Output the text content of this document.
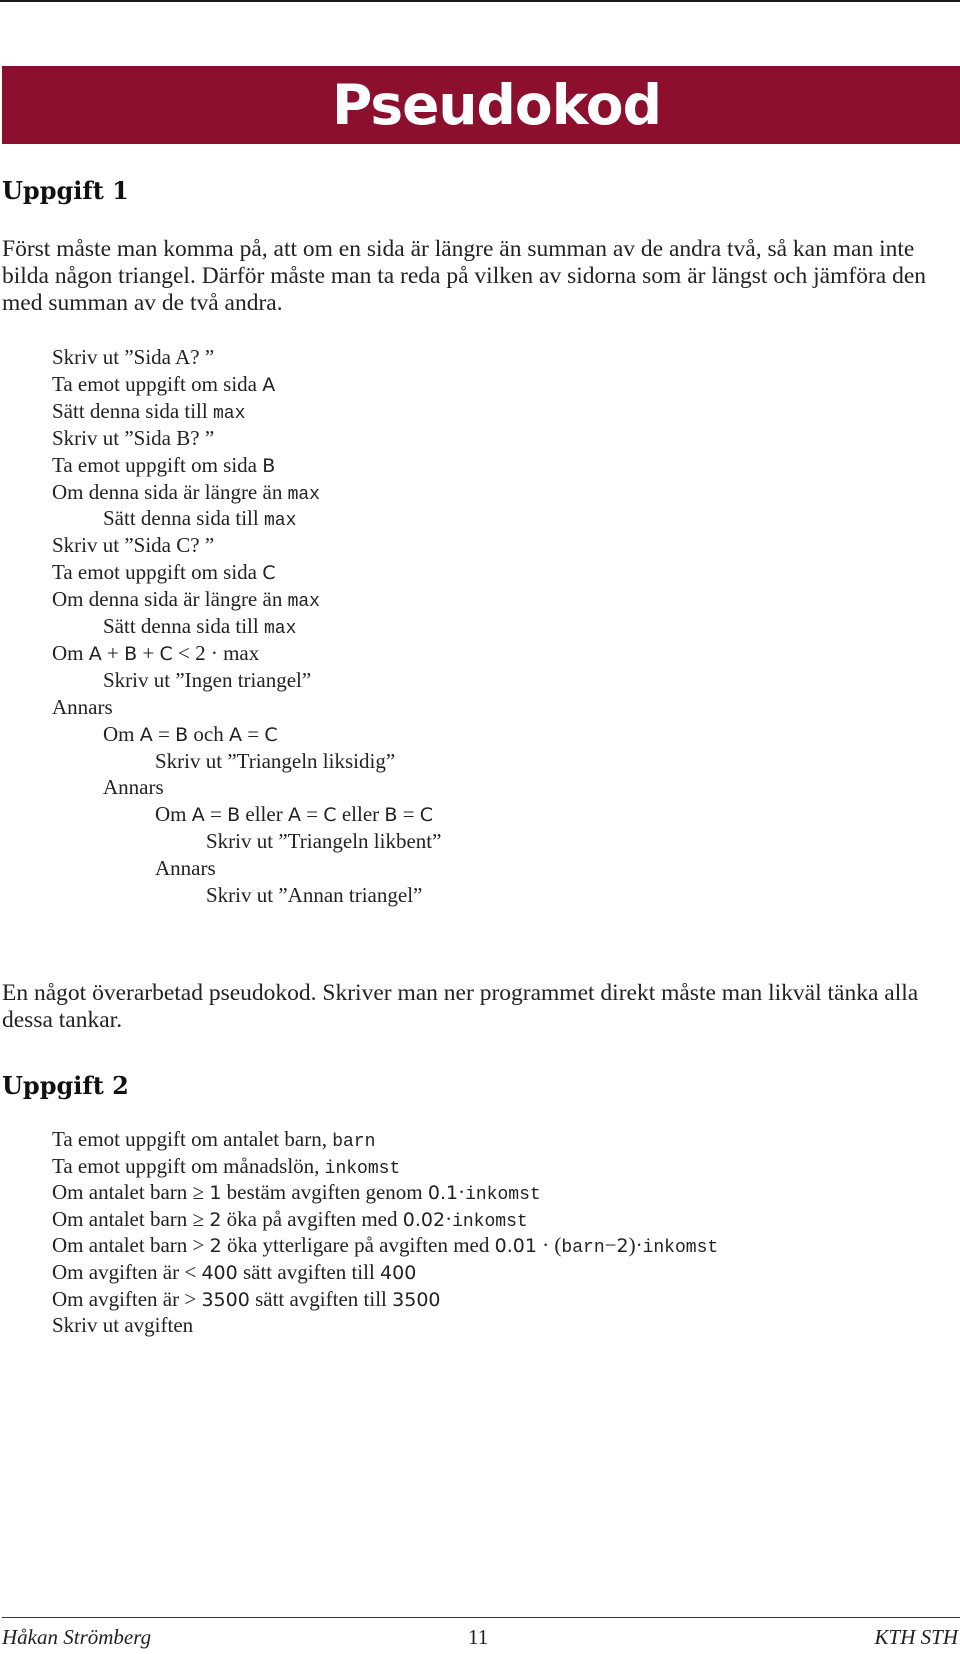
Pseudokod
Uppgift 1
Först måste man komma på, att om en sida är längre än summan av de andra två, så kan man inte bilda någon triangel. Därför måste man ta reda på vilken av sidorna som är längst och jämföra den med summan av de två andra.
Skriv ut ”Sida A? ”
Ta emot uppgift om sida A
Sätt denna sida till max
Skriv ut ”Sida B? ”
Ta emot uppgift om sida B
Om denna sida är längre än max
Sätt denna sida till max
Skriv ut ”Sida C? ”
Ta emot uppgift om sida C
Om denna sida är längre än max
Sätt denna sida till max
Om A + B + C < 2 · max
Skriv ut ”Ingen triangel”
Annars
Om A = B och A = C
Skriv ut ”Triangeln liksidig”
Annars
Om A = B eller A = C eller B = C
Skriv ut ”Triangeln likbent”
Annars
Skriv ut ”Annan triangel”
En något överarbetad pseudokod. Skriver man ner programmet direkt måste man likväl tänka alla dessa tankar.
Uppgift 2
Ta emot uppgift om antalet barn, barn
Ta emot uppgift om månadslön, inkomst
Om antalet barn ≥ 1 bestäm avgiften genom 0.1·inkomst
Om antalet barn ≥ 2 öka på avgiften med 0.02·inkomst
Om antalet barn > 2 öka ytterligare på avgiften med 0.01 · (barn−2)·inkomst
Om avgiften är < 400 sätt avgiften till 400
Om avgiften är > 3500 sätt avgiften till 3500
Skriv ut avgiften
Håkan Strömberg	11	KTH STH
